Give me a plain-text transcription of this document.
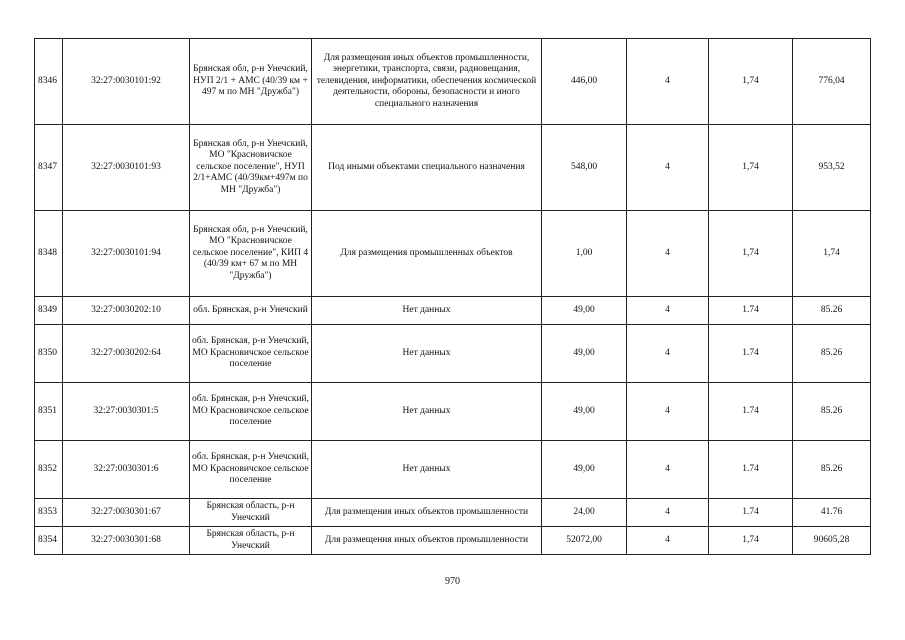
8346	32:27:0030101:92	Брянская обл, р-н Унечский, НУП 2/1 + АМС (40/39 км + 497 м по МН "Дружба")	Для размещения иных объектов промышленности, энергетики, транспорта, связи, радиовещания, телевидения, информатики, обеспечения космической деятельности, обороны, безопасности и иного специального назначения	446,00	4	1,74	776,04
8347	32:27:0030101:93	Брянская обл, р-н Унечский, МО "Красновичское сельское поселение", НУП 2/1+АМС (40/39км+497м по МН "Дружба")	Под иными объектами специального назначения	548,00	4	1,74	953,52
8348	32:27:0030101:94	Брянская обл, р-н Унечский, МО "Красновичское сельское поселение", КИП 4 (40/39 км+ 67 м по МН "Дружба")	Для размещения промышленных объектов	1,00	4	1,74	1,74
8349	32:27:0030202:10	обл. Брянская, р-н Унечский	Нет данных	49,00	4	1.74	85.26
8350	32:27:0030202:64	обл. Брянская, р-н Унечский, МО Красновичское сельское поселение	Нет данных	49,00	4	1.74	85.26
8351	32:27:0030301:5	обл. Брянская, р-н Унечский, МО Красновичское сельское поселение	Нет данных	49,00	4	1.74	85.26
8352	32:27:0030301:6	обл. Брянская, р-н Унечский, МО Красновичское сельское поселение	Нет данных	49,00	4	1.74	85.26
8353	32:27:0030301:67	Брянская область, р-н Унечский	Для размещения иных объектов промышленности	24,00	4	1.74	41.76
8354	32:27:0030301:68	Брянская область, р-н Унечский	Для размещения иных объектов промышленности	52072,00	4	1,74	90605,28
970
